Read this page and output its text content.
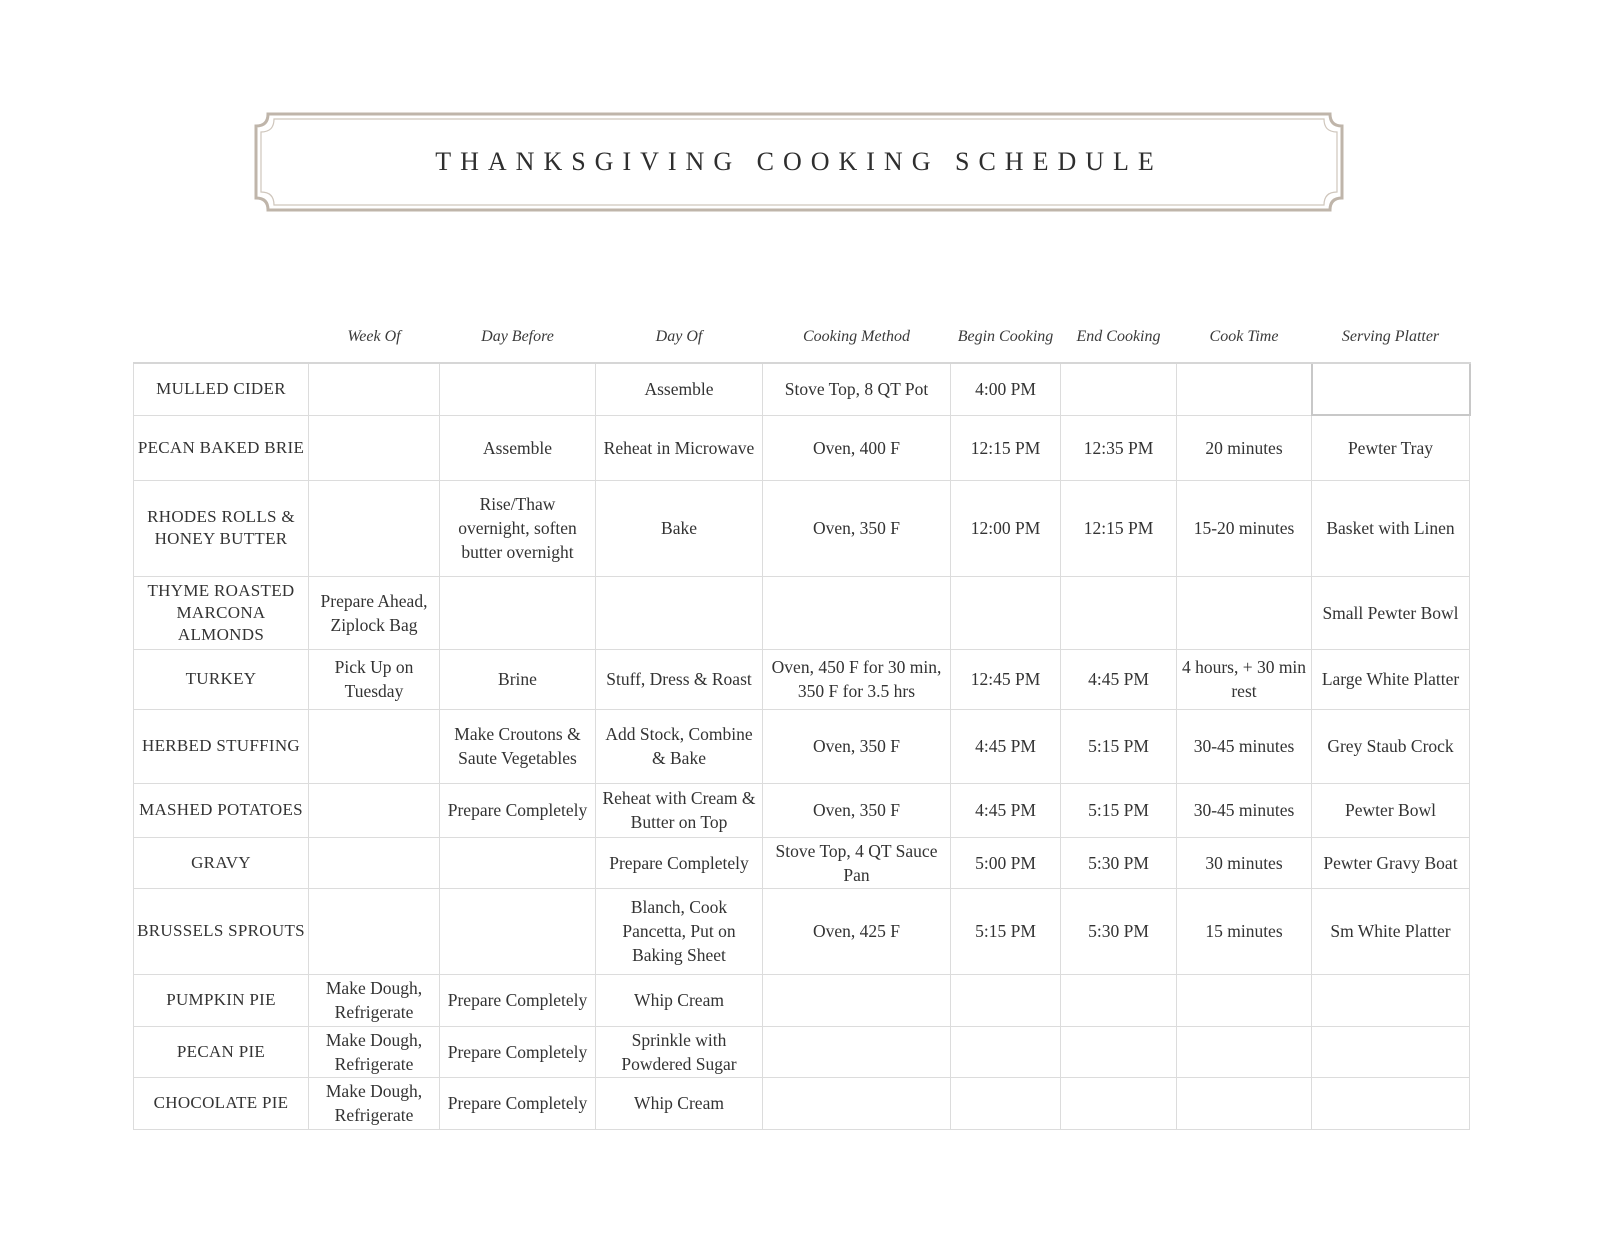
THANKSGIVING COOKING SCHEDULE
	Week Of	Day Before	Day Of	Cooking Method	Begin Cooking	End Cooking	Cook Time	Serving Platter
MULLED CIDER			Assemble	Stove Top, 8 QT Pot	4:00 PM			
PECAN BAKED BRIE		Assemble	Reheat in Microwave	Oven, 400 F	12:15 PM	12:35 PM	20 minutes	Pewter Tray
RHODES ROLLS & HONEY BUTTER		Rise/Thaw overnight, soften butter overnight	Bake	Oven, 350 F	12:00 PM	12:15 PM	15-20 minutes	Basket with Linen
THYME ROASTED MARCONA ALMONDS	Prepare Ahead, Ziplock Bag							Small Pewter Bowl
TURKEY	Pick Up on Tuesday	Brine	Stuff, Dress & Roast	Oven, 450 F for 30 min, 350 F for 3.5 hrs	12:45 PM	4:45 PM	4 hours, + 30 min rest	Large White Platter
HERBED STUFFING		Make Croutons & Saute Vegetables	Add Stock, Combine & Bake	Oven, 350 F	4:45 PM	5:15 PM	30-45 minutes	Grey Staub Crock
MASHED POTATOES		Prepare Completely	Reheat with Cream & Butter on Top	Oven, 350 F	4:45 PM	5:15 PM	30-45 minutes	Pewter Bowl
GRAVY			Prepare Completely	Stove Top, 4 QT Sauce Pan	5:00 PM	5:30 PM	30 minutes	Pewter Gravy Boat
BRUSSELS SPROUTS			Blanch, Cook Pancetta, Put on Baking Sheet	Oven, 425 F	5:15 PM	5:30 PM	15 minutes	Sm White Platter
PUMPKIN PIE	Make Dough, Refrigerate	Prepare Completely	Whip Cream					
PECAN PIE	Make Dough, Refrigerate	Prepare Completely	Sprinkle with Powdered Sugar					
CHOCOLATE PIE	Make Dough, Refrigerate	Prepare Completely	Whip Cream					
